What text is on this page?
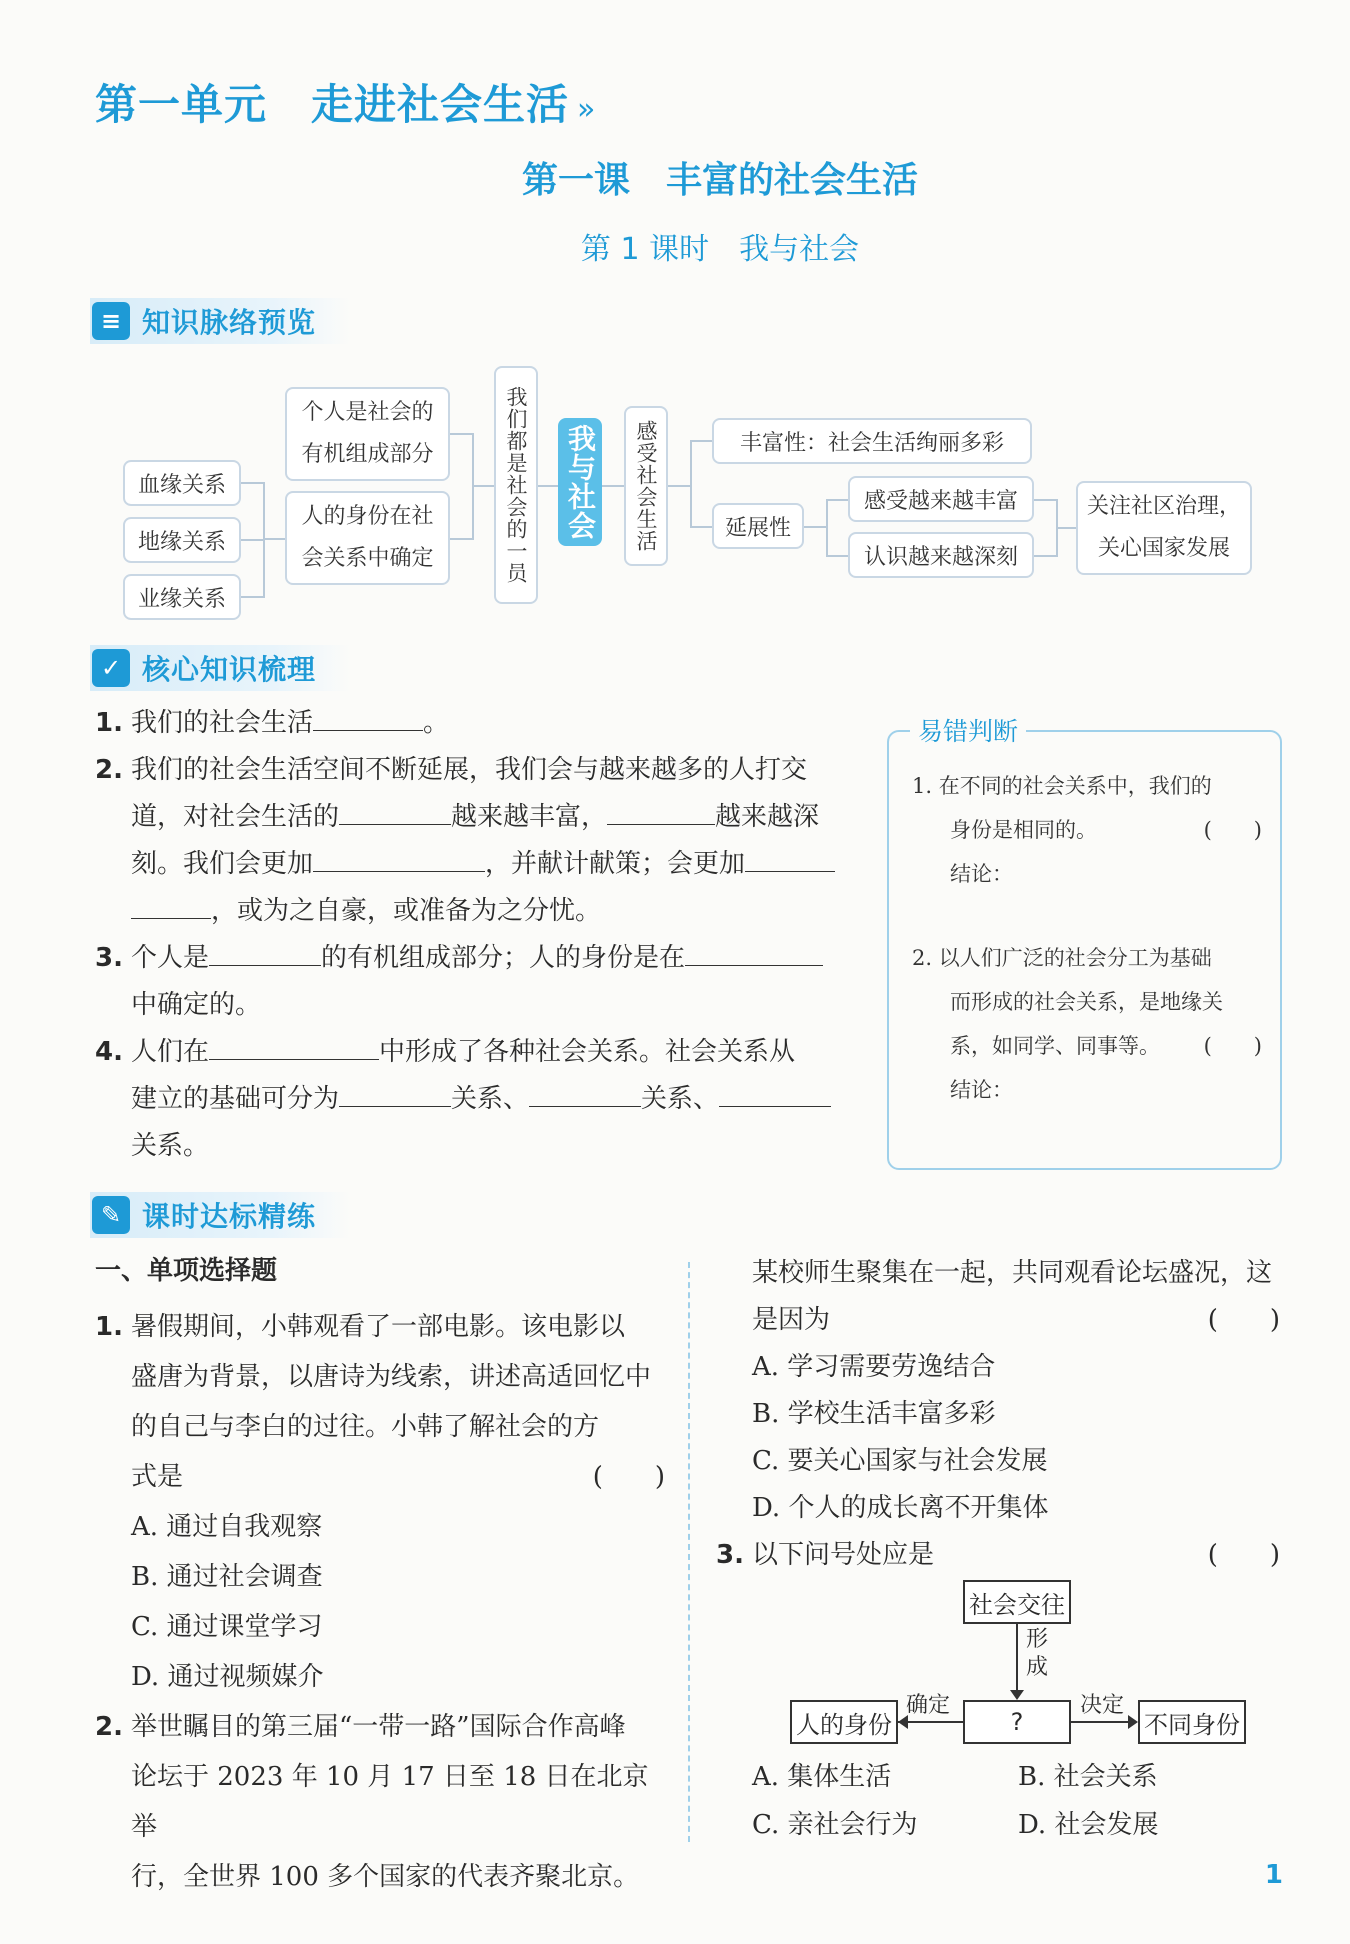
第一单元 走进社会生活 »
第一课　丰富的社会生活
第 1 课时　我与社会
≡ 知识脉络预览
血缘关系
地缘关系
业缘关系
个人是社会的
有机组成部分
人的身份在社
会关系中确定	我们都是社会的一员	我与社会	感受社会生活	丰富性：社会生活绚丽多彩
延展性
感受越来越丰富
认识越来越深刻
关注社区治理，
关心国家发展
✓ 核心知识梳理
1. 我们的社会生活	。
2. 我们的社会生活空间不断延展，我们会与越来越多的人打交
道，对社会生活的	越来越丰富，	越来越深
刻。我们会更加	，并献计献策；会更加
，或为之自豪，或准备为之分忧。
3. 个人是	的有机组成部分；人的身份是在
中确定的。
4. 人们在	中形成了各种社会关系。社会关系从
建立的基础可分为	关系、	关系、
关系。
易错判断
1. 在不同的社会关系中，我们的
身份是相同的。	(　　)
结论：
2. 以人们广泛的社会分工为基础
而形成的社会关系，是地缘关
系，如同学、同事等。 (　　)
结论：
✎ 课时达标精练
一、单项选择题
1. 暑假期间，小韩观看了一部电影。该电影以
盛唐为背景，以唐诗为线索，讲述高适回忆中
的自己与李白的过往。小韩了解社会的方
式是	(　　)
A. 通过自我观察
B. 通过社会调查
C. 通过课堂学习
D. 通过视频媒介
2. 举世瞩目的第三届“一带一路”国际合作高峰
论坛于 2023 年 10 月 17 日至 18 日在北京举
行，全世界 100 多个国家的代表齐聚北京。
某校师生聚集在一起，共同观看论坛盛况，这
是因为	(　　)
A. 学习需要劳逸结合
B. 学校生活丰富多彩
C. 要关心国家与社会发展
D. 个人的成长离不开集体
3. 以下问号处应是	(　　)
社会交往
形成
?
人的身份
确定
不同身份
决定
A. 集体生活	B. 社会关系
C. 亲社会行为	D. 社会发展
1
